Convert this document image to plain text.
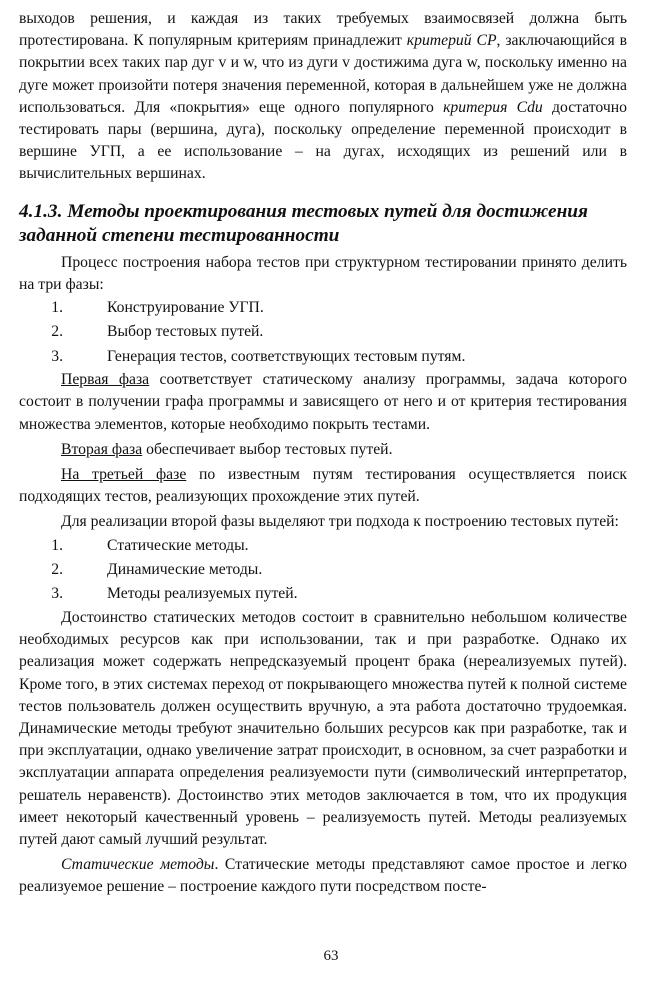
выходов решения, и каждая из таких требуемых взаимосвязей должна быть протестирована. К популярным критериям принадлежит критерий CP, заключающийся в покрытии всех таких пар дуг v и w, что из дуги v достижима дуга w, поскольку именно на дуге может произойти потеря значения переменной, которая в дальнейшем уже не должна использоваться. Для «покрытия» еще одного популярного критерия Cdu достаточно тестировать пары (вершина, дуга), поскольку определение переменной происходит в вершине УГП, а ее использование – на дугах, исходящих из решений или в вычислительных вершинах.

4.1.3. Методы проектирования тестовых путей для достижения заданной степени тестированности

Процесс построения набора тестов при структурном тестировании принято делить на три фазы:

1.	Конструирование УГП.
2.	Выбор тестовых путей.
3.	Генерация тестов, соответствующих тестовым путям.

Первая фаза соответствует статическому анализу программы, задача которого состоит в получении графа программы и зависящего от него и от критерия тестирования множества элементов, которые необходимо покрыть тестами.

Вторая фаза обеспечивает выбор тестовых путей.

На третьей фазе по известным путям тестирования осуществляется поиск подходящих тестов, реализующих прохождение этих путей.

Для реализации второй фазы выделяют три подхода к построению тестовых путей:

1.	Статические методы.
2.	Динамические методы.
3.	Методы реализуемых путей.

Достоинство статических методов состоит в сравнительно небольшом количестве необходимых ресурсов как при использовании, так и при разработке. Однако их реализация может содержать непредсказуемый процент брака (нереализуемых путей). Кроме того, в этих системах переход от покрывающего множества путей к полной системе тестов пользователь должен осуществить вручную, а эта работа достаточно трудоемкая. Динамические методы требуют значительно больших ресурсов как при разработке, так и при эксплуатации, однако увеличение затрат происходит, в основном, за счет разработки и эксплуатации аппарата определения реализуемости пути (символический интерпретатор, решатель неравенств). Достоинство этих методов заключается в том, что их продукция имеет некоторый качественный уровень – реализуемость путей. Методы реализуемых путей дают самый лучший результат.

Статические методы. Статические методы представляют самое простое и легко реализуемое решение – построение каждого пути посредством посте-

63
